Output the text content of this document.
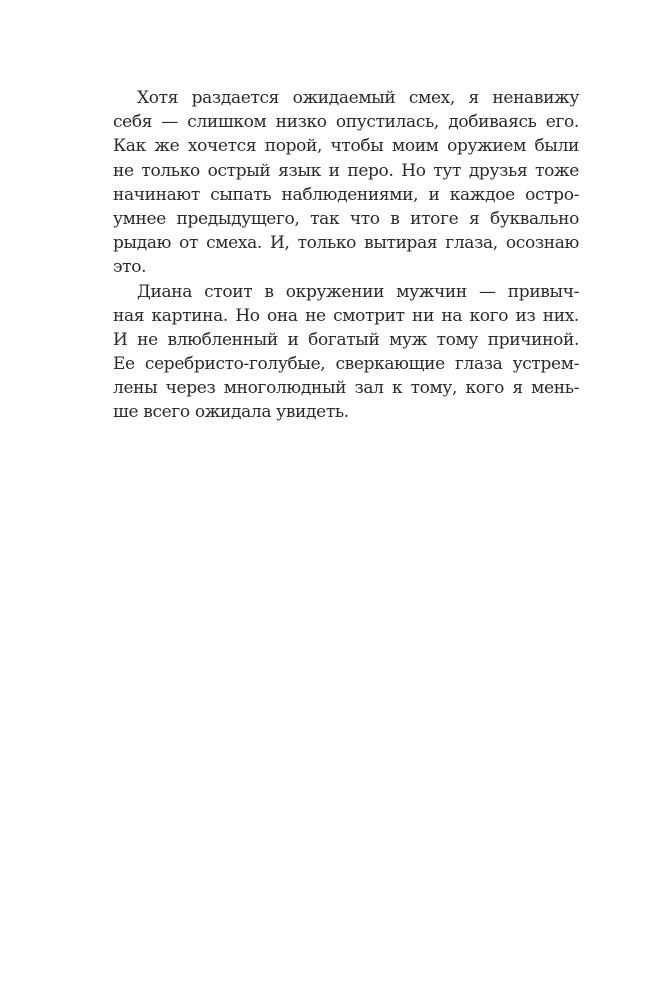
Хотя раздается ожидаемый смех, я ненавижу
себя — слишком низко опустилась, добиваясь его.
Как же хочется порой, чтобы моим оружием были
не только острый язык и перо. Но тут друзья тоже
начинают сыпать наблюдениями, и каждое остро-
умнее предыдущего, так что в итоге я буквально
рыдаю от смеха. И, только вытирая глаза, осознаю
это.
Диана стоит в окружении мужчин — привыч-
ная картина. Но она не смотрит ни на кого из них.
И не влюбленный и богатый муж тому причиной.
Ее серебристо-голубые, сверкающие глаза устрем-
лены через многолюдный зал к тому, кого я мень-
ше всего ожидала увидеть.
